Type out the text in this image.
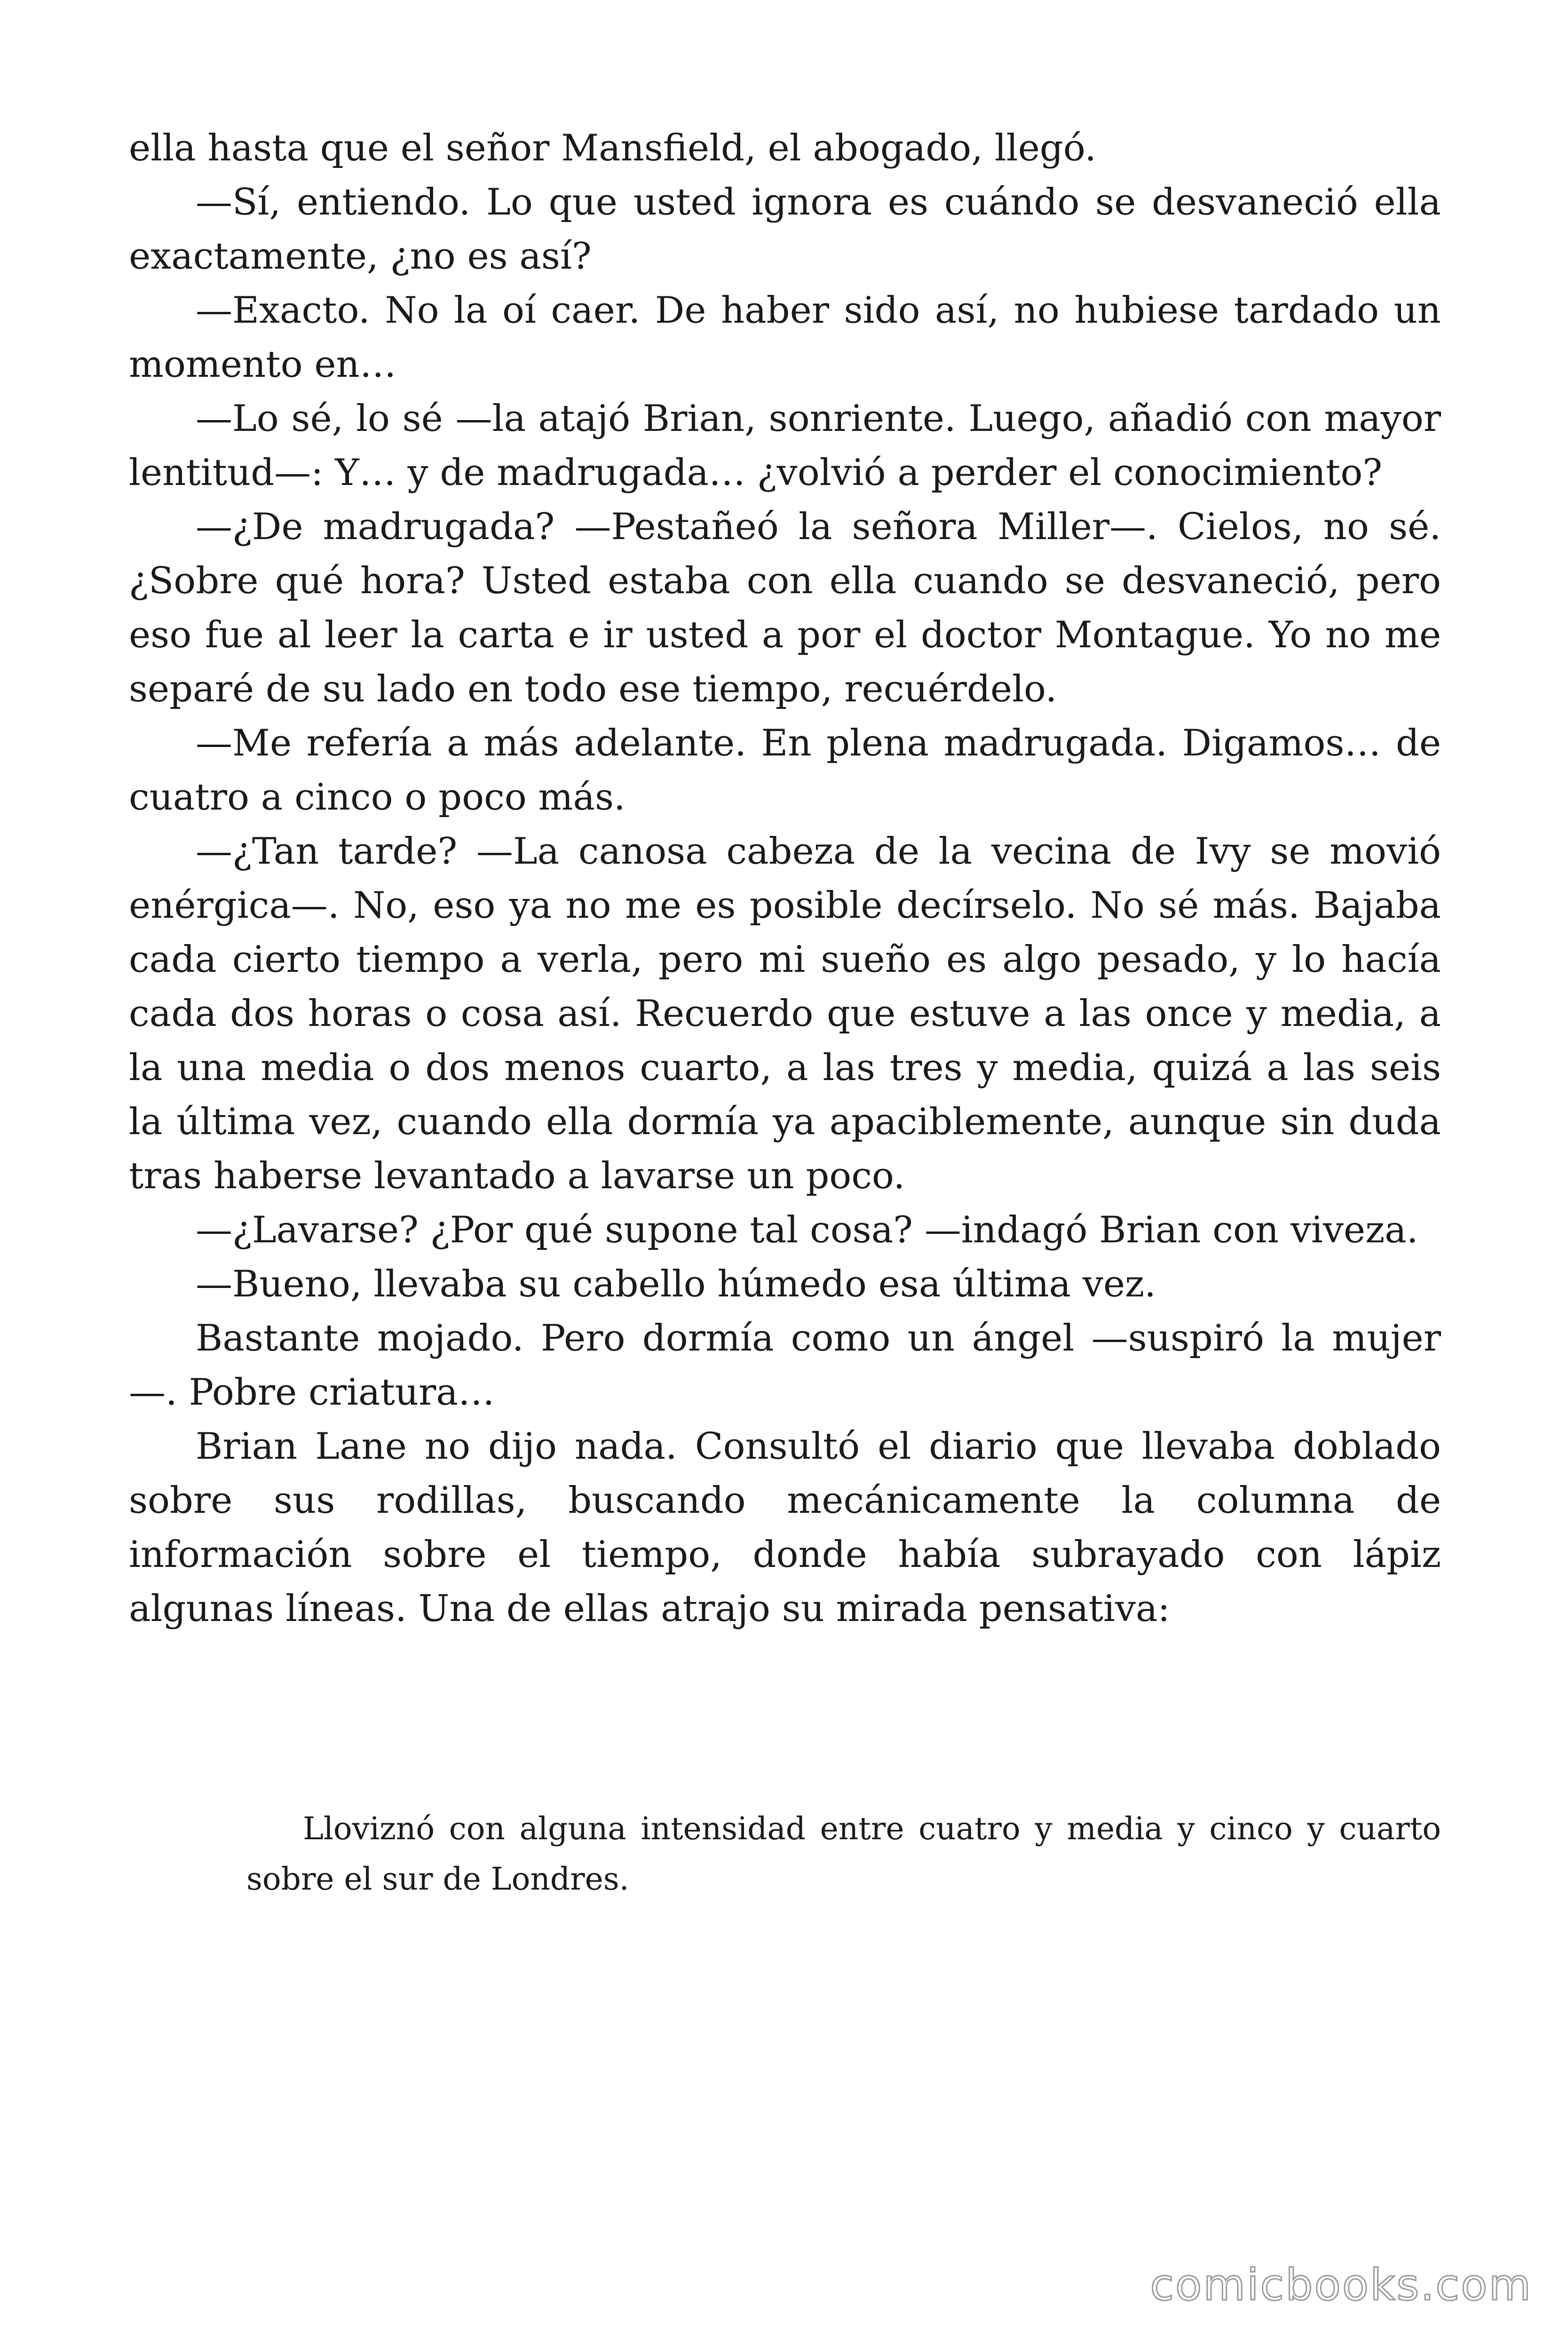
ella hasta que el señor Mansfield, el abogado, llegó.

—Sí, entiendo. Lo que usted ignora es cuándo se desvaneció ella exactamente, ¿no es así?

—Exacto. No la oí caer. De haber sido así, no hubiese tardado un momento en…

—Lo sé, lo sé —la atajó Brian, sonriente. Luego, añadió con mayor lentitud—: Y… y de madrugada… ¿volvió a perder el conocimiento?

—¿De madrugada? —Pestañeó la señora Miller—. Cielos, no sé. ¿Sobre qué hora? Usted estaba con ella cuando se desvaneció, pero eso fue al leer la carta e ir usted a por el doctor Montague. Yo no me separé de su lado en todo ese tiempo, recuérdelo.

—Me refería a más adelante. En plena madrugada. Digamos… de cuatro a cinco o poco más.

—¿Tan tarde? —La canosa cabeza de la vecina de Ivy se movió enérgica—. No, eso ya no me es posible decírselo. No sé más. Bajaba cada cierto tiempo a verla, pero mi sueño es algo pesado, y lo hacía cada dos horas o cosa así. Recuerdo que estuve a las once y media, a la una media o dos menos cuarto, a las tres y media, quizá a las seis la última vez, cuando ella dormía ya apaciblemente, aunque sin duda tras haberse levantado a lavarse un poco.

—¿Lavarse? ¿Por qué supone tal cosa? —indagó Brian con viveza.

—Bueno, llevaba su cabello húmedo esa última vez.

Bastante mojado. Pero dormía como un ángel —suspiró la mujer —. Pobre criatura…

Brian Lane no dijo nada. Consultó el diario que llevaba doblado sobre sus rodillas, buscando mecánicamente la columna de información sobre el tiempo, donde había subrayado con lápiz algunas líneas. Una de ellas atrajo su mirada pensativa:

Lloviznó con alguna intensidad entre cuatro y media y cinco y cuarto sobre el sur de Londres.

comicbooks.com
